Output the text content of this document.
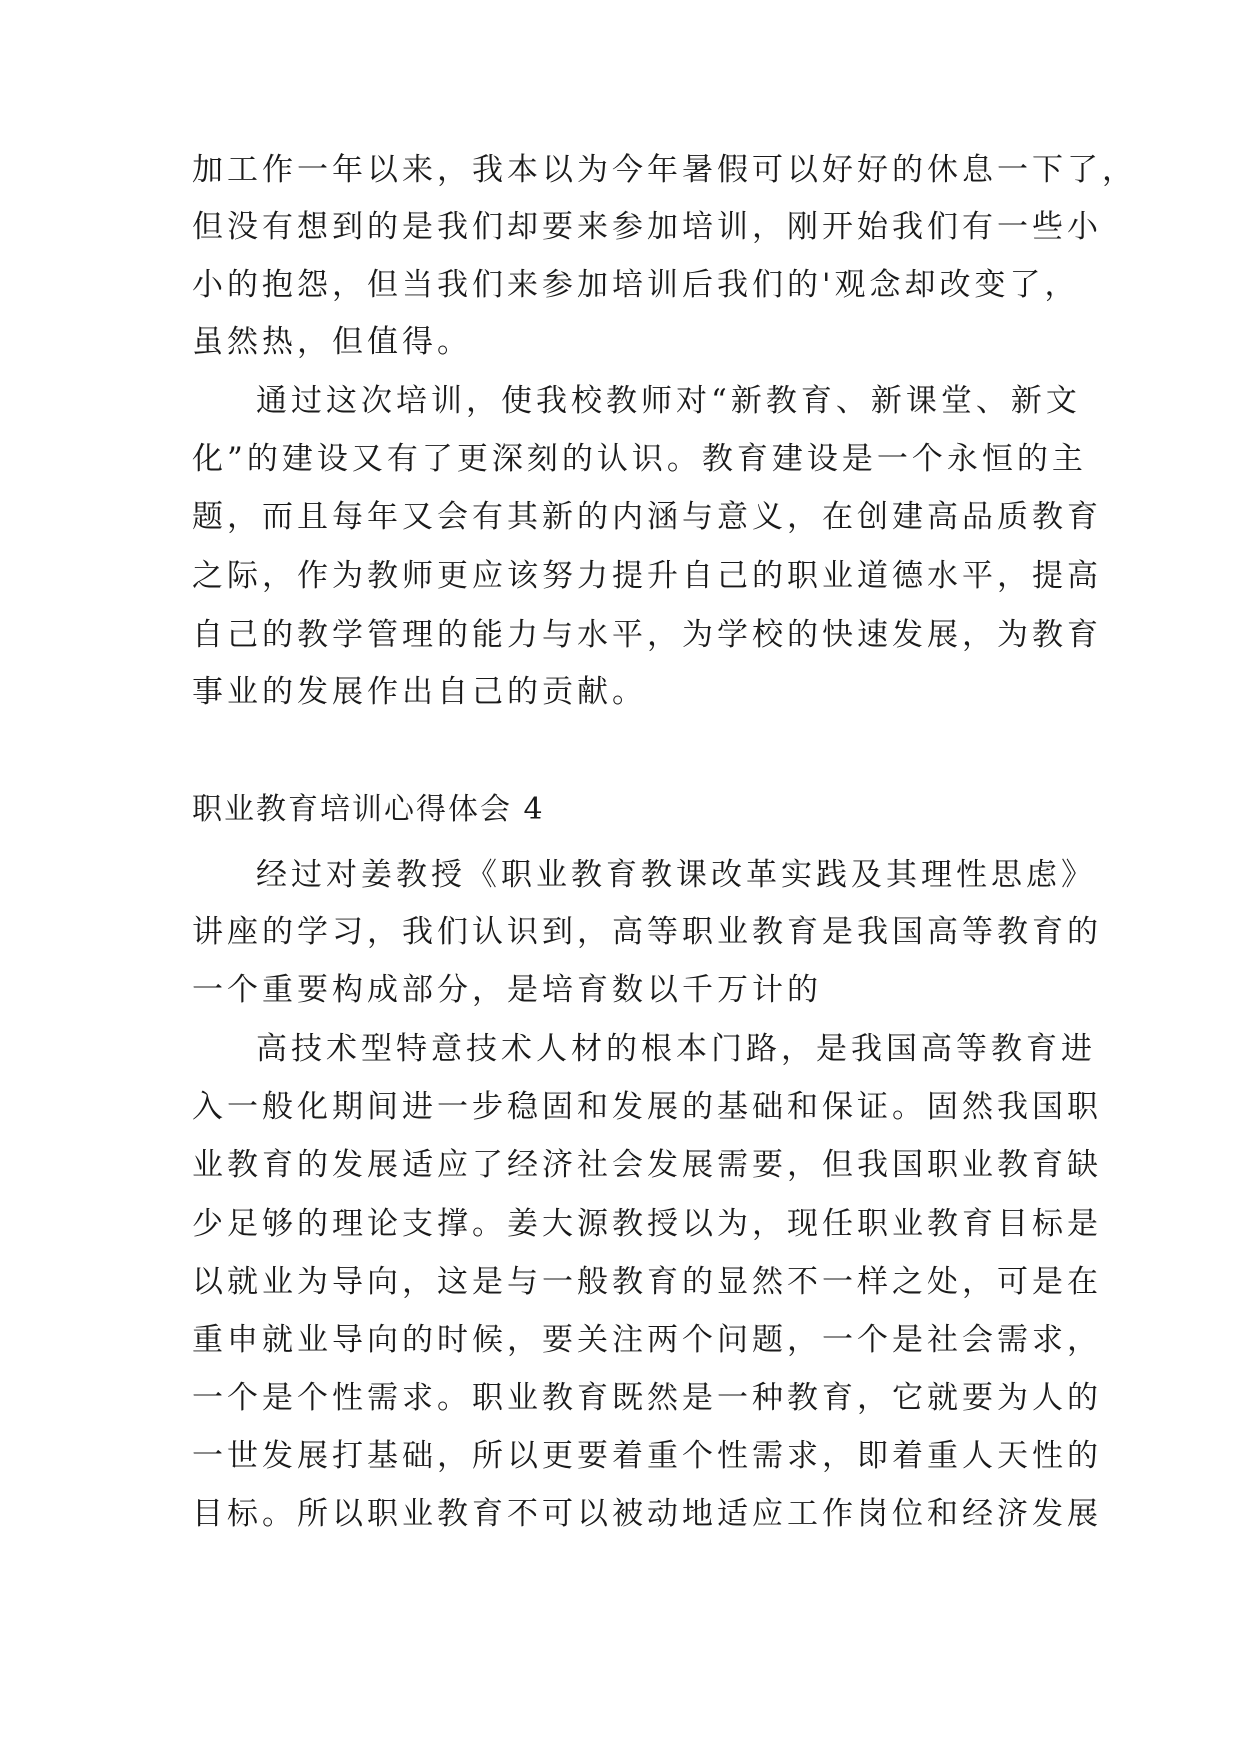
加工作一年以来，我本以为今年暑假可以好好的休息一下了，
但没有想到的是我们却要来参加培训，刚开始我们有一些小
小的抱怨，但当我们来参加培训后我们的'观念却改变了，
虽然热，但值得。
通过这次培训，使我校教师对“新教育、新课堂、新文
化”的建设又有了更深刻的认识。教育建设是一个永恒的主
题，而且每年又会有其新的内涵与意义，在创建高品质教育
之际，作为教师更应该努力提升自己的职业道德水平，提高
自己的教学管理的能力与水平，为学校的快速发展，为教育
事业的发展作出自己的贡献。
职业教育培训心得体会 4
经过对姜教授《职业教育教课改革实践及其理性思虑》
讲座的学习，我们认识到，高等职业教育是我国高等教育的
一个重要构成部分，是培育数以千万计的
高技术型特意技术人材的根本门路，是我国高等教育进
入一般化期间进一步稳固和发展的基础和保证。固然我国职
业教育的发展适应了经济社会发展需要，但我国职业教育缺
少足够的理论支撑。姜大源教授以为，现任职业教育目标是
以就业为导向，这是与一般教育的显然不一样之处，可是在
重申就业导向的时候，要关注两个问题，一个是社会需求，
一个是个性需求。职业教育既然是一种教育，它就要为人的
一世发展打基础，所以更要着重个性需求，即着重人天性的
目标。所以职业教育不可以被动地适应工作岗位和经济发展
